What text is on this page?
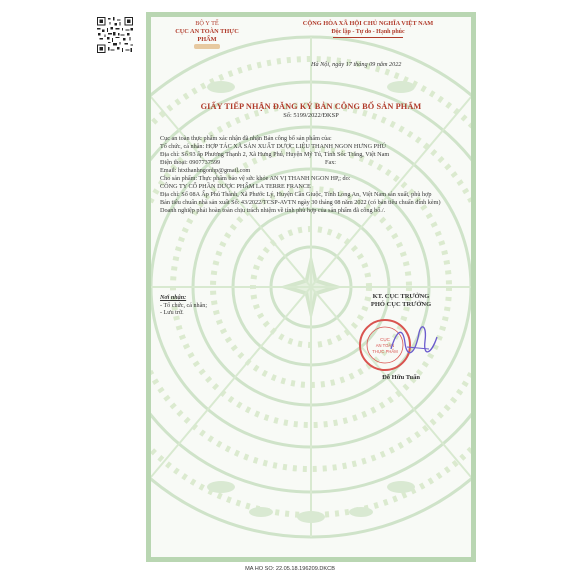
BỘ Y TẾ
CỤC AN TOÀN THỰC PHẨM
CỘNG HÒA XÃ HỘI CHỦ NGHĨA VIỆT NAM
Độc lập - Tự do - Hạnh phúc
Hà Nội, ngày 17 tháng 09 năm 2022
GIẤY TIẾP NHẬN ĐĂNG KÝ BẢN CÔNG BỐ SẢN PHẨM
Số: 5199/2022/ĐKSP
Cục an toàn thực phẩm xác nhận đã nhận Bản công bố sản phẩm của:
Tổ chức, cá nhân: HỢP TÁC XÃ SẢN XUẤT DƯỢC LIỆU THANH NGON HƯNG PHÚ
Địa chỉ: Số 93 ấp Phương Thạnh 2, Xã Hưng Phú, Huyện Mỹ Tú, Tỉnh Sóc Trăng, Việt Nam
Điện thoại: 0907737599	Fax:
Email: htxthanhngonhp@gmail.com
Cho sản phẩm: Thực phẩm bảo vệ sức khỏe AN VỊ THANH NGON HP,; do:
CÔNG TY CỔ PHẦN DƯỢC PHẨM LA TERRE FRANCE
Địa chỉ: Số 08A Ấp Phú Thành, Xã Phước Lý, Huyện Cần Giuộc, Tỉnh Long An, Việt Nam sản xuất, phù hợp
Bản tiêu chuẩn nhà sản xuất Số: 43/2022/TCSP-AVTN ngày 30 tháng 08 năm 2022 (có bản tiêu chuẩn đính kèm)
Doanh nghiệp phải hoàn toàn chịu trách nhiệm về tính phù hợp của sản phẩm đã công bố./.
Nơi nhận:
- Tổ chức, cá nhân;
- Lưu trữ.
KT. CỤC TRƯỞNG
PHÓ CỤC TRƯỞNG
CỤC
AN TOÀN
THỰC PHẨM
Đỗ Hữu Tuấn
MA HO SO: 22.05.18.196209.DKCB
